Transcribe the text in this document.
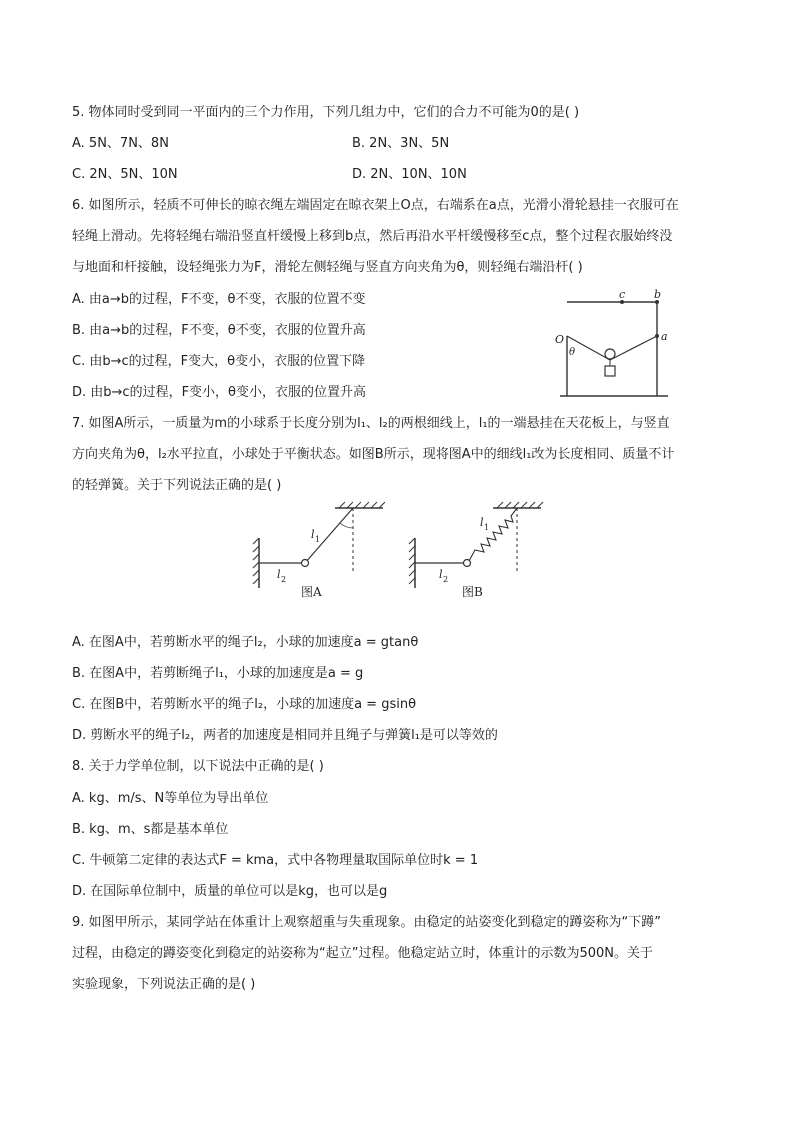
5. 物体同时受到同一平面内的三个力作用，下列几组力中，它们的合力不可能为0的是( )
A. 5N、7N、8N	B. 2N、3N、5N
C. 2N、5N、10N	D. 2N、10N、10N
6. 如图所示，轻质不可伸长的晾衣绳左端固定在晾衣架上O点，右端系在a点，光滑小滑轮悬挂一衣服可在
轻绳上滑动。先将轻绳右端沿竖直杆缓慢上移到b点，然后再沿水平杆缓慢移至c点，整个过程衣服始终没
与地面和杆接触，设轻绳张力为F，滑轮左侧轻绳与竖直方向夹角为θ，则轻绳右端沿杆( )
A. 由a→b的过程，F不变，θ不变，衣服的位置不变
B. 由a→b的过程，F不变，θ不变，衣服的位置升高
C. 由b→c的过程，F变大，θ变小，衣服的位置下降
D. 由b→c的过程，F变小，θ变小，衣服的位置升高
O
θ
a
b
c
7. 如图A所示，一质量为m的小球系于长度分别为l₁、l₂的两根细线上，l₁的一端悬挂在天花板上，与竖直
方向夹角为θ，l₂水平拉直，小球处于平衡状态。如图B所示，现将图A中的细线l₁改为长度相同、质量不计
的轻弹簧。关于下列说法正确的是( )
l 1
l 2
图A
l 1
l 2
图B
A. 在图A中，若剪断水平的绳子l₂，小球的加速度a = gtanθ
B. 在图A中，若剪断绳子l₁，小球的加速度是a = g
C. 在图B中，若剪断水平的绳子l₂，小球的加速度a = gsinθ
D. 剪断水平的绳子l₂，两者的加速度是相同并且绳子与弹簧l₁是可以等效的
8. 关于力学单位制，以下说法中正确的是( )
A. kg、m/s、N等单位为导出单位
B. kg、m、s都是基本单位
C. 牛顿第二定律的表达式F = kma，式中各物理量取国际单位时k = 1
D. 在国际单位制中，质量的单位可以是kg，也可以是g
9. 如图甲所示，某同学站在体重计上观察超重与失重现象。由稳定的站姿变化到稳定的蹲姿称为“下蹲”
过程，由稳定的蹲姿变化到稳定的站姿称为“起立”过程。他稳定站立时，体重计的示数为500N。关于
实验现象，下列说法正确的是( )
